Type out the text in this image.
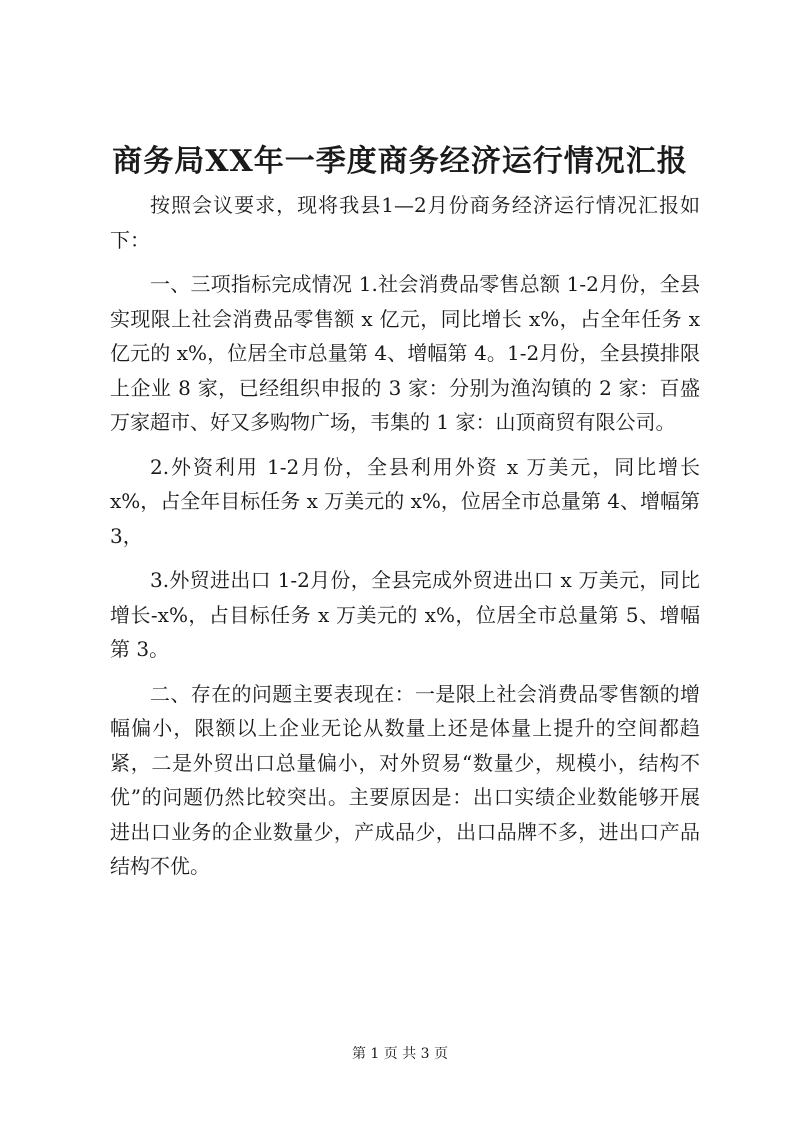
商务局XX年一季度商务经济运行情况汇报

按照会议要求，现将我县1—2月份商务经济运行情况汇报如下：

一、三项指标完成情况 1.社会消费品零售总额 1-2月份，全县实现限上社会消费品零售额 x 亿元，同比增长 x%，占全年任务 x 亿元的 x%，位居全市总量第 4、增幅第 4。1-2月份，全县摸排限上企业 8 家，已经组织申报的 3 家：分别为渔沟镇的 2 家：百盛万家超市、好又多购物广场，韦集的 1 家：山顶商贸有限公司。

2.外资利用 1-2月份，全县利用外资 x 万美元，同比增长 x%，占全年目标任务 x 万美元的 x%，位居全市总量第 4、增幅第 3，

3.外贸进出口 1-2月份，全县完成外贸进出口 x 万美元，同比增长-x%，占目标任务 x 万美元的 x%，位居全市总量第 5、增幅第 3。

二、存在的问题主要表现在：一是限上社会消费品零售额的增幅偏小，限额以上企业无论从数量上还是体量上提升的空间都趋紧，二是外贸出口总量偏小，对外贸易“数量少，规模小，结构不优”的问题仍然比较突出。主要原因是：出口实绩企业数能够开展进出口业务的企业数量少，产成品少，出口品牌不多，进出口产品结构不优。

第 1 页 共 3 页
